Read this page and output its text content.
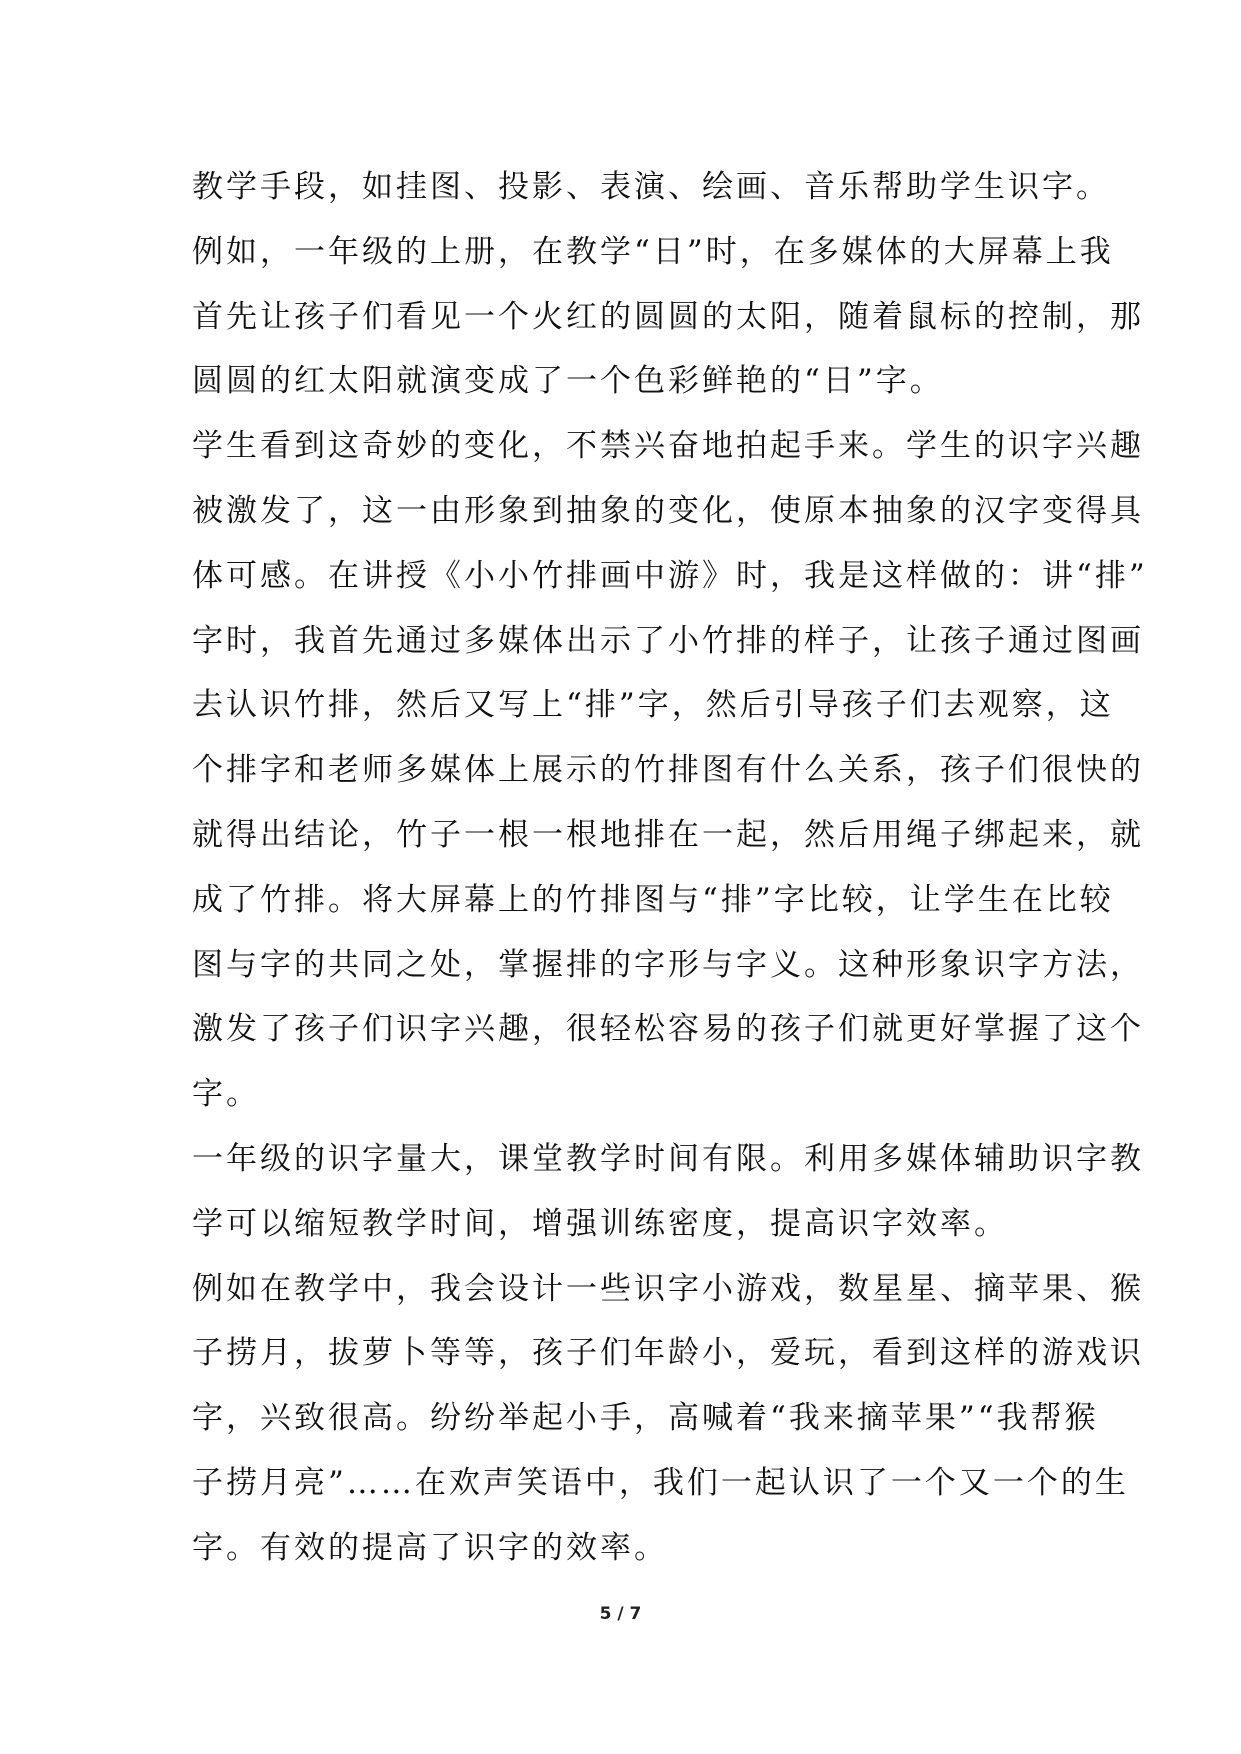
教学手段，如挂图、投影、表演、绘画、音乐帮助学生识字。
例如，一年级的上册，在教学“日”时，在多媒体的大屏幕上我
首先让孩子们看见一个火红的圆圆的太阳，随着鼠标的控制，那
圆圆的红太阳就演变成了一个色彩鲜艳的“日”字。
学生看到这奇妙的变化，不禁兴奋地拍起手来。学生的识字兴趣
被激发了，这一由形象到抽象的变化，使原本抽象的汉字变得具
体可感。在讲授《小小竹排画中游》时，我是这样做的：讲“排”
字时，我首先通过多媒体出示了小竹排的样子，让孩子通过图画
去认识竹排，然后又写上“排”字，然后引导孩子们去观察，这
个排字和老师多媒体上展示的竹排图有什么关系，孩子们很快的
就得出结论，竹子一根一根地排在一起，然后用绳子绑起来，就
成了竹排。将大屏幕上的竹排图与“排”字比较，让学生在比较
图与字的共同之处，掌握排的字形与字义。这种形象识字方法，
激发了孩子们识字兴趣，很轻松容易的孩子们就更好掌握了这个
字。
一年级的识字量大，课堂教学时间有限。利用多媒体辅助识字教
学可以缩短教学时间，增强训练密度，提高识字效率。
例如在教学中，我会设计一些识字小游戏，数星星、摘苹果、猴
子捞月，拔萝卜等等，孩子们年龄小，爱玩，看到这样的游戏识
字，兴致很高。纷纷举起小手，高喊着“我来摘苹果”“我帮猴
子捞月亮”……在欢声笑语中，我们一起认识了一个又一个的生
字。有效的提高了识字的效率。
5 / 7
